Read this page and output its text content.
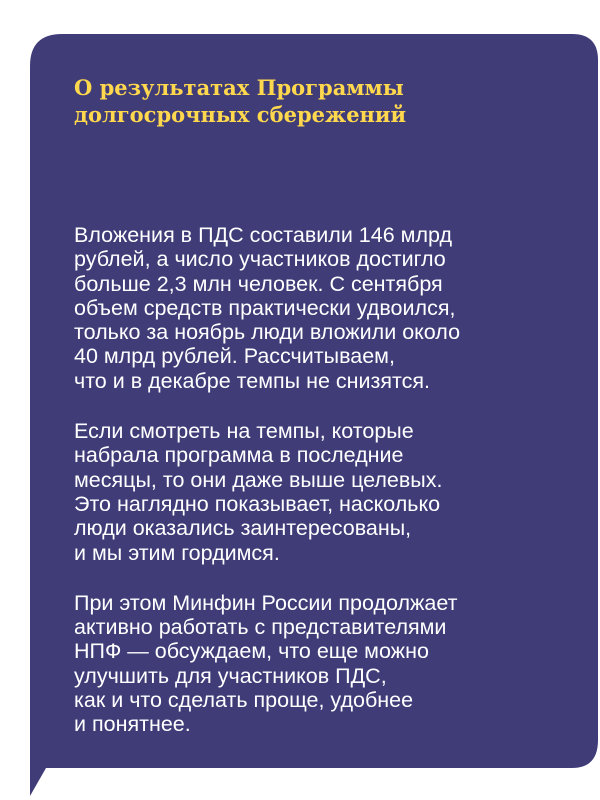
О результатах Программы
долгосрочных сбережений

Вложения в ПДС составили 146 млрд
рублей, а число участников достигло
больше 2,3 млн человек. С сентября
объем средств практически удвоился,
только за ноябрь люди вложили около
40 млрд рублей. Рассчитываем,
что и в декабре темпы не снизятся.

Если смотреть на темпы, которые
набрала программа в последние
месяцы, то они даже выше целевых.
Это наглядно показывает, насколько
люди оказались заинтересованы,
и мы этим гордимся.

При этом Минфин России продолжает
активно работать с представителями
НПФ — обсуждаем, что еще можно
улучшить для участников ПДС,
как и что сделать проще, удобнее
и понятнее.
